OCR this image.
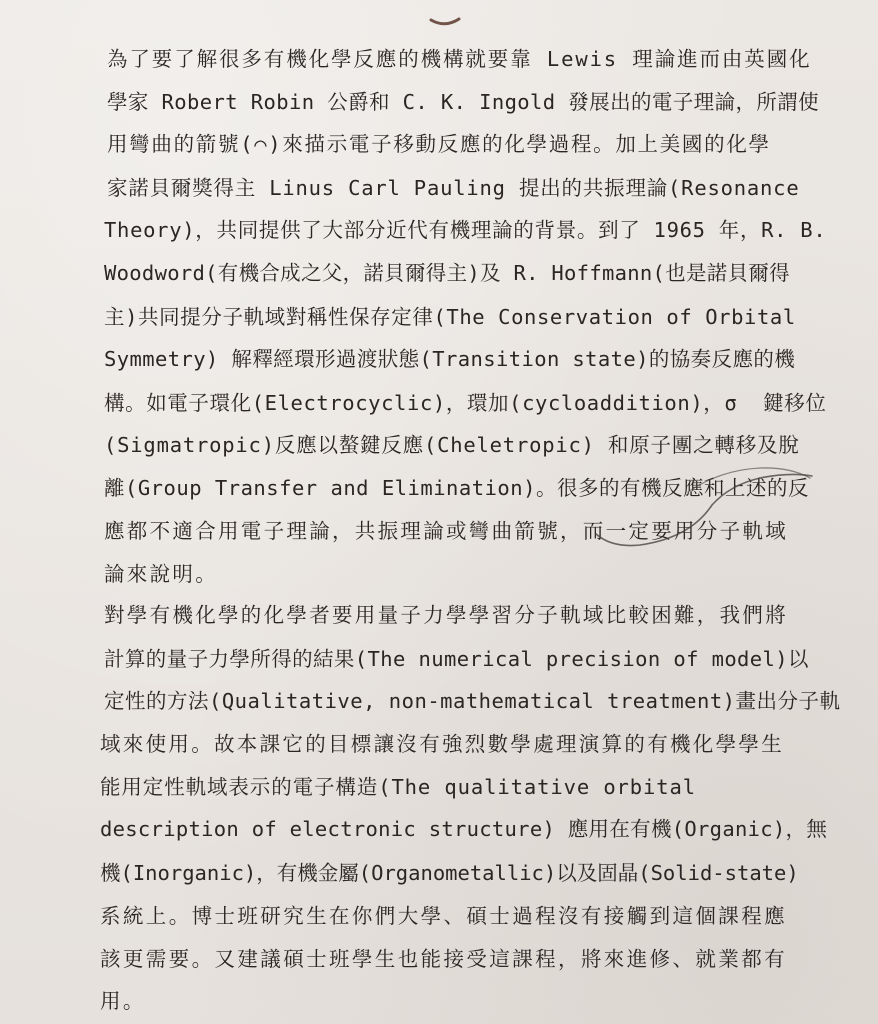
為了要了解很多有機化學反應的機構就要靠 Lewis 理論進而由英國化
學家 Robert Robin 公爵和 C. K. Ingold 發展出的電子理論，所謂使
用彎曲的箭號(⌒)來描示電子移動反應的化學過程。加上美國的化學
家諾貝爾獎得主 Linus Carl Pauling 提出的共振理論(Resonance
Theory)，共同提供了大部分近代有機理論的背景。到了 1965 年，R. B.
Woodword(有機合成之父，諾貝爾得主)及 R. Hoffmann(也是諾貝爾得
主)共同提分子軌域對稱性保存定律(The Conservation of Orbital
Symmetry) 解釋經環形過渡狀態(Transition state)的協奏反應的機
構。如電子環化(Electrocyclic)，環加(cycloaddition)，σ  鍵移位
(Sigmatropic)反應以螯鍵反應(Cheletropic) 和原子團之轉移及脫
離(Group Transfer and Elimination)。很多的有機反應和上述的反
應都不適合用電子理論，共振理論或彎曲箭號，而一定要用分子軌域
論來說明。
對學有機化學的化學者要用量子力學學習分子軌域比較困難，我們將
計算的量子力學所得的結果(The numerical precision of model)以
定性的方法(Qualitative, non-mathematical treatment)畫出分子軌
域來使用。故本課它的目標讓沒有強烈數學處理演算的有機化學學生
能用定性軌域表示的電子構造(The qualitative orbital
description of electronic structure) 應用在有機(Organic)，無
機(Inorganic)，有機金屬(Organometallic)以及固晶(Solid-state)
系統上。博士班研究生在你們大學、碩士過程沒有接觸到這個課程應
該更需要。又建議碩士班學生也能接受這課程，將來進修、就業都有
用。
